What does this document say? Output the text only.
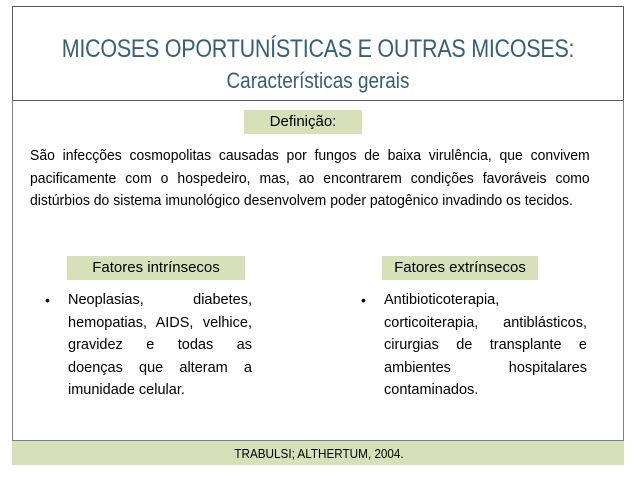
MICOSES OPORTUNÍSTICAS E OUTRAS MICOSES:
Características gerais
Definição:
São infecções cosmopolitas causadas por fungos de baixa virulência, que convivem pacificamente com o hospedeiro, mas, ao encontrarem condições favoráveis como distúrbios do sistema imunológico desenvolvem poder patogênico invadindo os tecidos.
Fatores intrínsecos	Fatores extrínsecos
• Neoplasias, diabetes, hemopatias, AIDS, velhice, gravidez e todas as doenças que alteram a imunidade celular.
• Antibioticoterapia, corticoiterapia, antiblásticos, cirurgias de transplante e ambientes hospitalares contaminados.
TRABULSI; ALTHERTUM, 2004.
